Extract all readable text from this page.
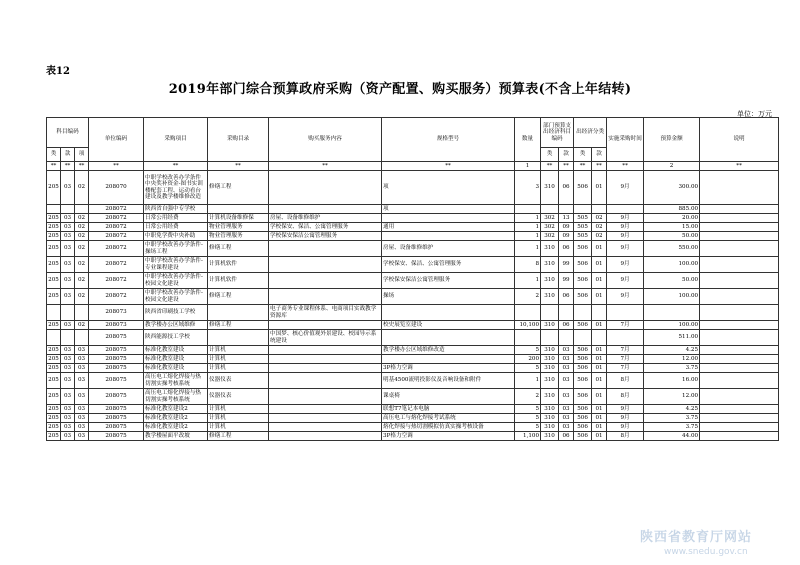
表12
2019年部门综合预算政府采购（资产配置、购买服务）预算表(不含上年结转)
单位：万元
科目编码			单位编码	采购项目	采购目录	购买服务内容	规格型号	数量	部门预算支出经济科目编码		出经济分类		实施采购时间	预算金额	说明
类	款	项							类	款	类	款			
**	**	**	**	**	**	**	**	1	**	**	**	**	**	2	**
205	03	02	208070	中职学校改善办学条件中央奖补资金-图书实训楼配套工程、运动看台建设及教学楼维修改造	修缮工程		项	3	310	06	506	01	9月	300.00	
			208072	陕西省自强中专学校			项							885.00	
205	03	02	208072	日常公用经费	计算机设备维修保	房屋、设备维修维护		1	302	13	505	02	9月	20.00	
205	03	02	208072	日常公用经费	物业管理服务	学校保安、保洁、公寓管理服务	通用	1	302	09	505	02	9月	15.00	
205	03	02	208072	中职免学费中央补助	物业管理服务	学校保安保洁公寓管理服务		1	302	09	505	02	9月	50.00	
205	03	02	208072	中职学校改善办学条件-操场工程	修缮工程		房屋、设备维修维护	1	310	06	506	01	9月	550.00	
205	03	02	208072	中职学校改善办学条件-专业课程建设	计算机软件		学校保安、保洁、公寓管理服务	8	310	99	506	01	9月	100.00	
205	03	02	208072	中职学校改善办学条件-校园文化建设	计算机软件		学校保安保洁公寓管理服务	1	310	99	506	01	9月	50.00	
205	03	02	208072	中职学校改善办学条件-校园文化建设	修缮工程		操场	2	310	06	506	01	9月	100.00	
			208073	陕西省印刷技工学校		电子商务专业课程体系、电商项目实战教学资源库									
205	03	02	208073	教学楼办公区域维修	修缮工程		校史展览室建设	10,100	310	06	506	01	7月	100.00	
			208075	陕西能源技工学校		中国梦、核心价值观外景建设、校园导示系统建设								511.00	
205	03	03	208075	标准化教室建设	计算机		教学楼办公区域维修改造	5	310	03	506	01	7月	4.25	
205	03	03	208075	标准化教室建设	计算机			200	310	03	506	01	7月	12.00	
205	03	03	208075	标准化教室建设	计算机		3P格力空调	5	310	03	506	01	7月	3.75	
205	03	03	208075	高压电工熔化焊接与热切割实操考核系统	仪器仪表		明基4500流明投影仪及音响设备和附件	1	310	03	506	01	8月	16.00	
205	03	03	208075	高压电工熔化焊接与热切割实操考核系统	仪器仪表		课桌椅	2	310	03	506	01	8月	12.00	
205	03	03	208075	标准化教室建设2	计算机		联想T7笔记本电脑	5	310	03	506	01	9月	4.25	
205	03	03	208075	标准化教室建设2	计算机		高压电工与熔化焊接考试系统	5	310	03	506	01	9月	3.75	
205	03	03	208075	标准化教室建设2	计算机		熔化焊接与热切割模拟仿真实操考核设备	5	310	03	506	01	9月	3.75	
205	03	03	208075	教学楼屋面平改坡	修缮工程		3P格力空调	1,100	310	06	506	01	8月	44.00	
陕西省教育厅网站
www.snedu.gov.cn
